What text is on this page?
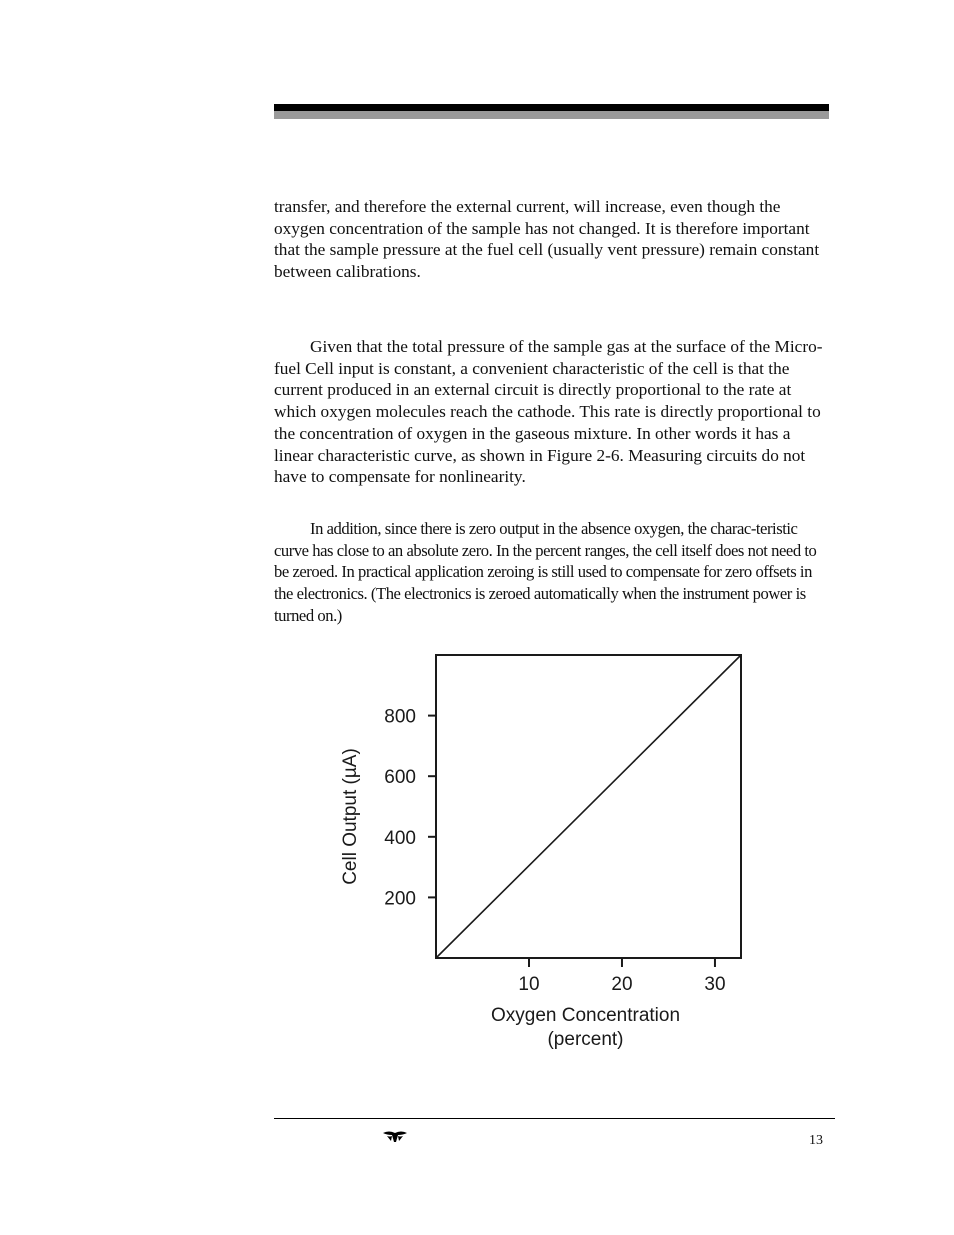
transfer, and therefore the external current, will increase, even though the oxygen concentration of the sample has not changed. It is therefore important that the sample pressure at the fuel cell (usually vent pressure) remain constant between calibrations.

Given that the total pressure of the sample gas at the surface of the Micro-fuel Cell input is constant, a convenient characteristic of the cell is that the current produced in an external circuit is directly proportional to the rate at which oxygen molecules reach the cathode. This rate is directly proportional to the concentration of oxygen in the gaseous mixture. In other words it has a linear characteristic curve, as shown in Figure 2-6. Measuring circuits do not have to compensate for nonlinearity.

In addition, since there is zero output in the absence oxygen, the charac-teristic curve has close to an absolute zero. In the percent ranges, the cell itself does not need to be zeroed. In practical application zeroing is still used to compensate for zero offsets in the electronics. (The electronics is zeroed automatically when the instrument power is turned on.)

200
400
600
800
10	20	30
Oxygen Concentration
(percent)
Cell Output (µA)
13
